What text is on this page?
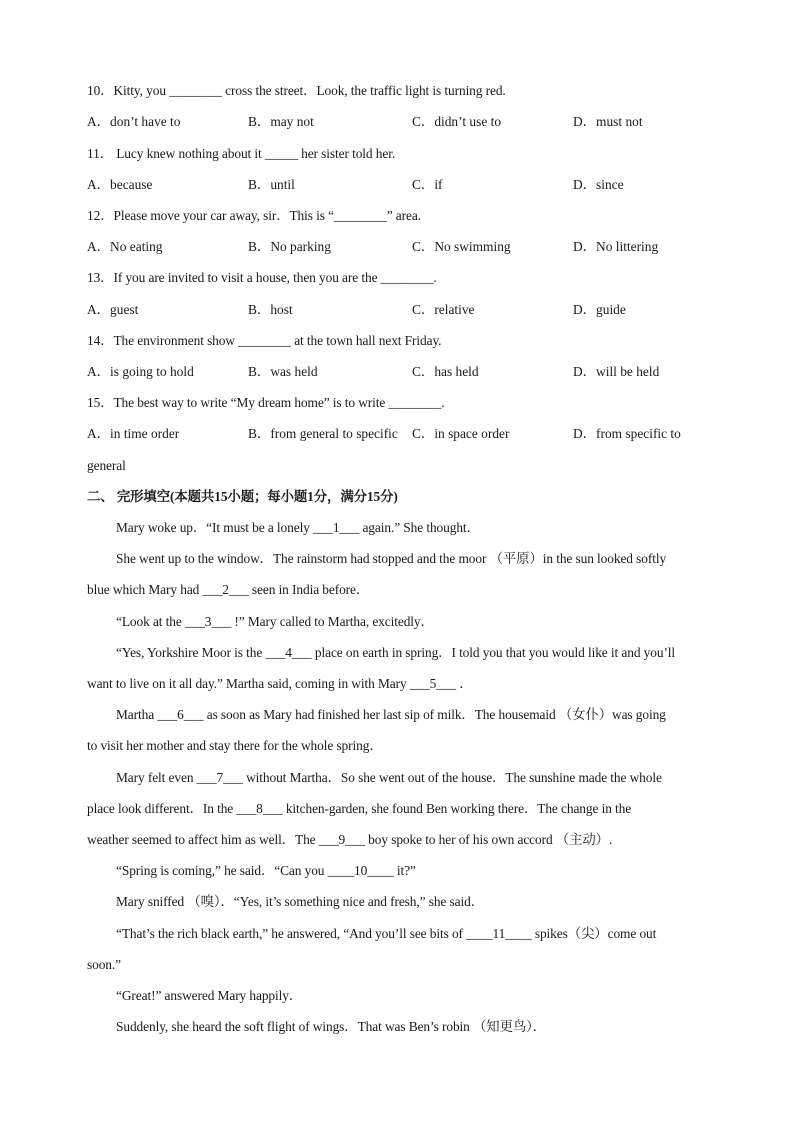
10．Kitty, you ________ cross the street．Look, the traffic light is turning red.
A．don’t have to	B．may not	C．didn’t use to	D．must not
11． Lucy knew nothing about it _____ her sister told her.
A．because	B．until	C．if	D．since
12．Please move your car away, sir．This is “________” area.
A．No eating	B．No parking	C．No swimming	D．No littering
13．If you are invited to visit a house, then you are the ________.
A．guest	B．host	C．relative	D．guide
14．The environment show ________ at the town hall next Friday.
A．is going to hold	B．was held	C．has held	D．will be held
15．The best way to write “My dream home” is to write ________.
A．in time order	B．from general to specific C．in space order	D．from specific to
general
二、 完形填空(本题共15小题；每小题1分，满分15分)
Mary woke up．“It must be a lonely ___1___ again.” She thought．
She went up to the window．The rainstorm had stopped and the moor （平原）in the sun looked softly
blue which Mary had ___2___ seen in India before．
“Look at the ___3___ !” Mary called to Martha, excitedly．
“Yes, Yorkshire Moor is the ___4___ place on earth in spring．I told you that you would like it and you’ll
want to live on it all day.” Martha said, coming in with Mary ___5___ ．
Martha ___6___ as soon as Mary had finished her last sip of milk．The housemaid （女仆）was going
to visit her mother and stay there for the whole spring．
Mary felt even ___7___ without Martha．So she went out of the house．The sunshine made the whole
place look different．In the ___8___ kitchen-garden, she found Ben working there．The change in the
weather seemed to affect him as well．The ___9___ boy spoke to her of his own accord （主动）.
“Spring is coming,” he said．“Can you ____10____ it?”
Mary sniffed （嗅）．“Yes, it’s something nice and fresh,” she said．
“That’s the rich black earth,” he answered, “And you’ll see bits of ____11____ spikes（尖）come out
soon.”
“Great!” answered Mary happily．
Suddenly, she heard the soft flight of wings．That was Ben’s robin （知更鸟）．
